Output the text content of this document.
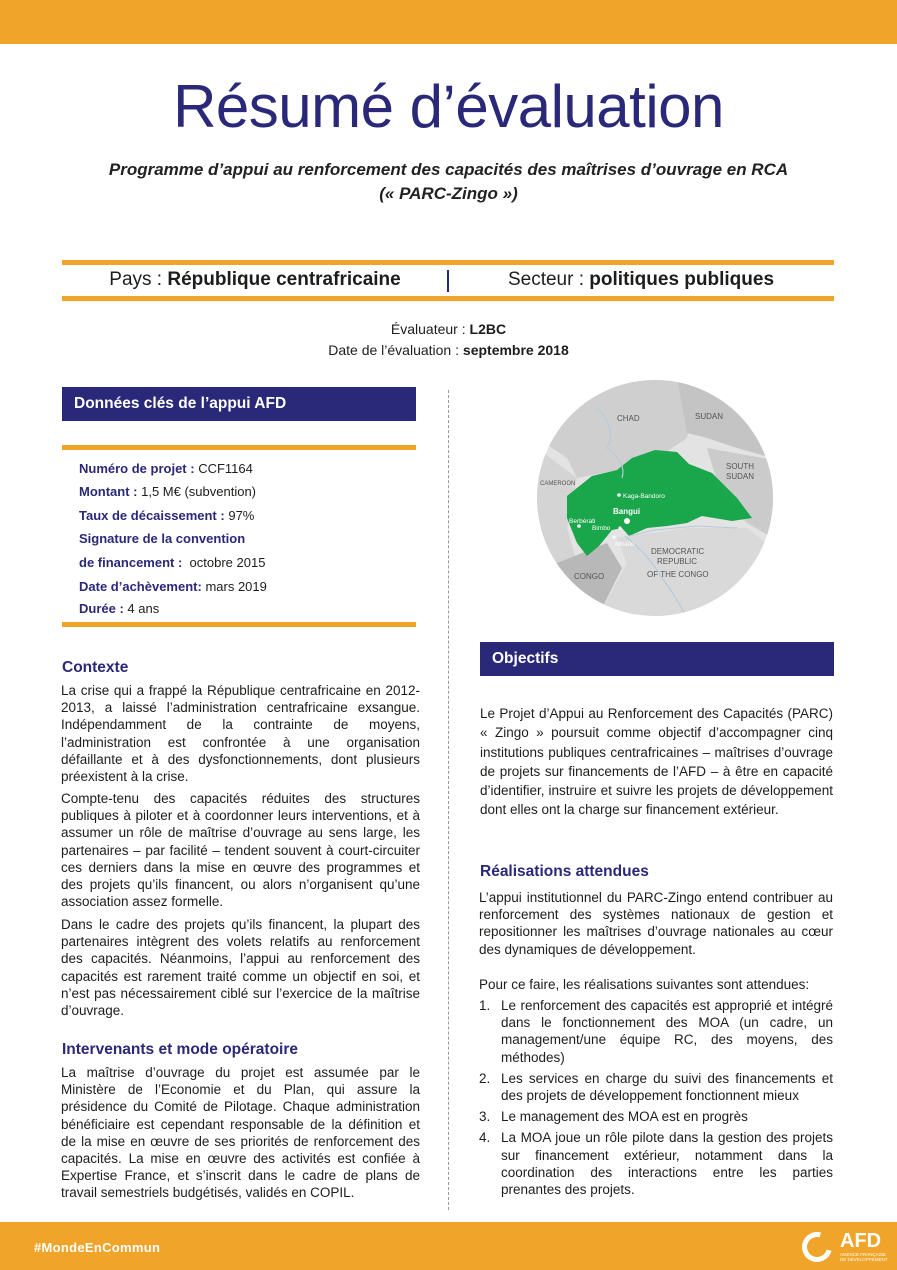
Résumé d’évaluation
Programme d’appui au renforcement des capacités des maîtrises d’ouvrage en RCA
(« PARC-Zingo »)
Pays : République centrafricaine	Secteur : politiques publiques
Évaluateur : L2BC
Date de l’évaluation : septembre 2018
Données clés de l’appui AFD
Numéro de projet : CCF1164
Montant : 1,5 M€ (subvention)
Taux de décaissement : 97%
Signature de la convention
de financement : octobre 2015
Date d’achèvement: mars 2019
Durée : 4 ans
CHAD	SUDAN
SOUTH
SUDAN
CAMEROON
DEMOCRATIC
REPUBLIC
OF THE CONGO
CONGO
Kaga-Bandoro
Bangui
Berbérati
Bimbo
Mbaïki
Contexte

La crise qui a frappé la République centrafricaine en 2012-2013, a laissé l’administration centrafricaine exsangue. Indépendamment de la contrainte de moyens, l’administration est confrontée à une organisation défaillante et à des dysfonctionnements, dont plusieurs préexistent à la crise.

Compte-tenu des capacités réduites des structures publiques à piloter et à coordonner leurs interventions, et à assumer un rôle de maîtrise d’ouvrage au sens large, les partenaires – par facilité – tendent souvent à court-circuiter ces derniers dans la mise en œuvre des programmes et des projets qu’ils financent, ou alors n’organisent qu’une association assez formelle.

Dans le cadre des projets qu’ils financent, la plupart des partenaires intègrent des volets relatifs au renforcement des capacités. Néanmoins, l’appui au renforcement des capacités est rarement traité comme un objectif en soi, et n’est pas nécessairement ciblé sur l’exercice de la maîtrise d’ouvrage.

Intervenants et mode opératoire

La maîtrise d’ouvrage du projet est assumée par le Ministère de l’Economie et du Plan, qui assure la présidence du Comité de Pilotage. Chaque administration bénéficiaire est cependant responsable de la définition et de la mise en œuvre de ses priorités de renforcement des capacités. La mise en œuvre des activités est confiée à Expertise France, et s’inscrit dans le cadre de plans de travail semestriels budgétisés, validés en COPIL.

Objectifs

Le Projet d’Appui au Renforcement des Capacités (PARC) « Zingo » poursuit comme objectif d’accompagner cinq institutions publiques centrafricaines – maîtrises d’ouvrage de projets sur financements de l’AFD – à être en capacité d’identifier, instruire et suivre les projets de développement dont elles ont la charge sur financement extérieur.

Réalisations attendues

L’appui institutionnel du PARC-Zingo entend contribuer au renforcement des systèmes nationaux de gestion et repositionner les maîtrises d’ouvrage nationales au cœur des dynamiques de développement.

Pour ce faire, les réalisations suivantes sont attendues:

1. Le renforcement des capacités est approprié et intégré dans le fonctionnement des MOA (un cadre, un management/une équipe RC, des moyens, des méthodes)
2. Les services en charge du suivi des financements et des projets de développement fonctionnent mieux
3. Le management des MOA est en progrès
4. La MOA joue un rôle pilote dans la gestion des projets sur financement extérieur, notamment dans la coordination des interactions entre les parties prenantes des projets.
#MondeEnCommun	AFD
AGENCE FRANÇAISE DE DÉVELOPPEMENT
